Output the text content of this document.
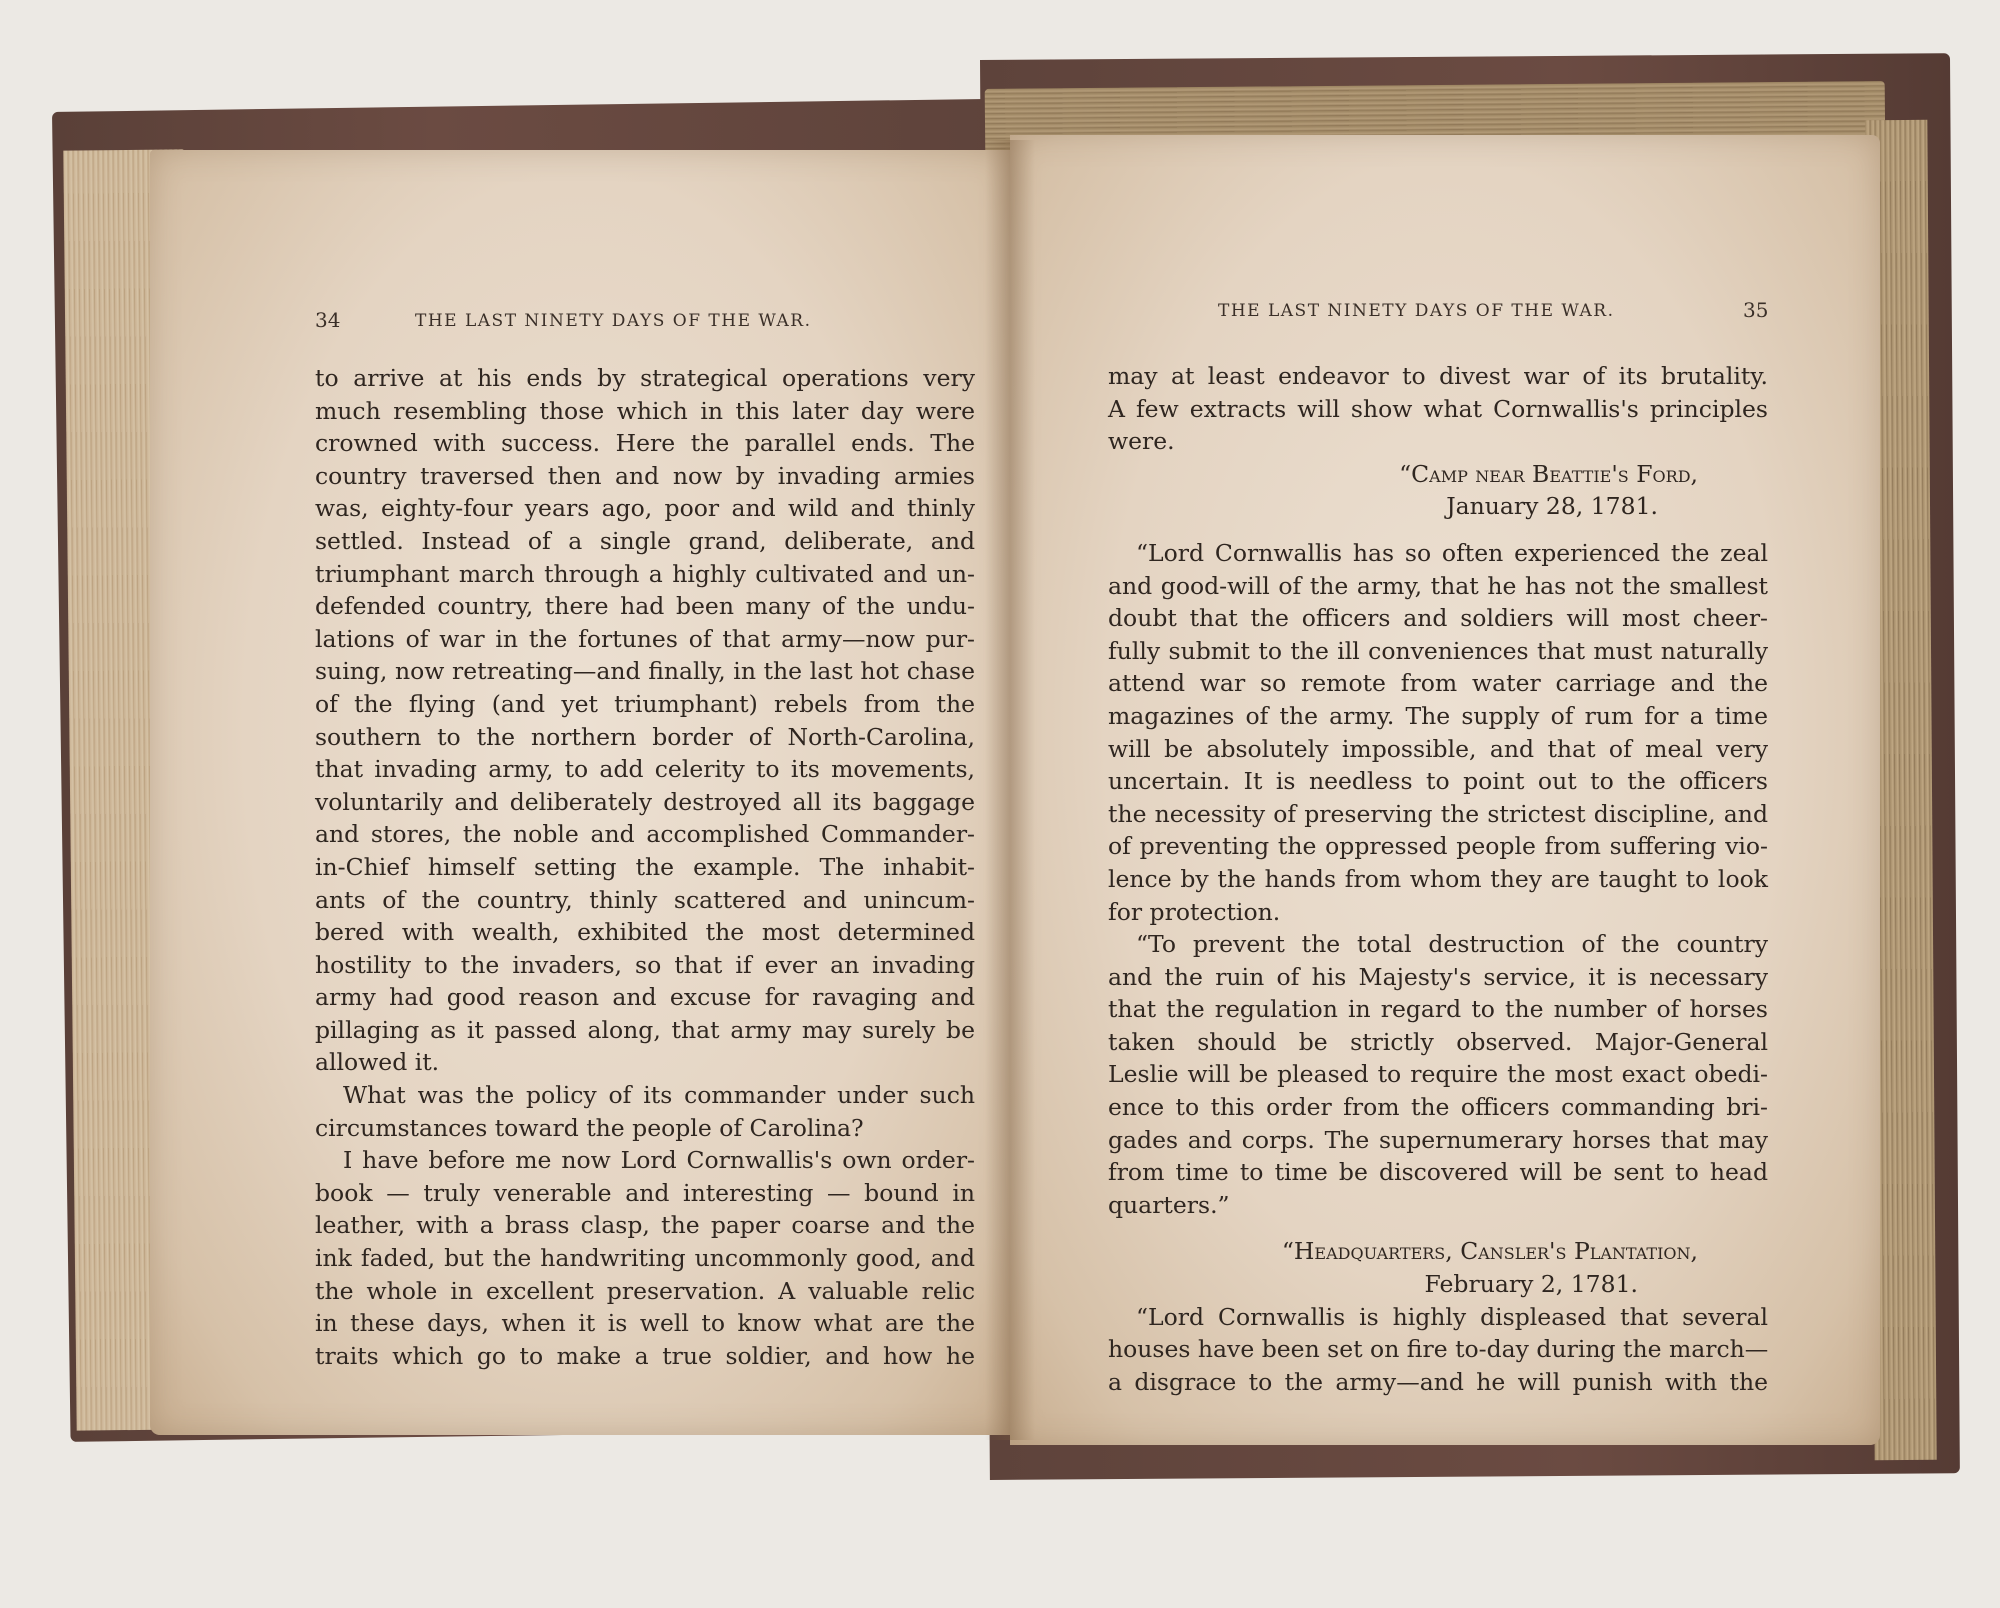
34	THE LAST NINETY DAYS OF THE WAR.
to arrive at his ends by strategical operations very
much resembling those which in this later day were
crowned with success. Here the parallel ends. The
country traversed then and now by invading armies
was, eighty-four years ago, poor and wild and thinly
settled. Instead of a single grand, deliberate, and
triumphant march through a highly cultivated and un-
defended country, there had been many of the undu-
lations of war in the fortunes of that army—now pur-
suing, now retreating—and finally, in the last hot chase
of the flying (and yet triumphant) rebels from the
southern to the northern border of North-Carolina,
that invading army, to add celerity to its movements,
voluntarily and deliberately destroyed all its baggage
and stores, the noble and accomplished Commander-
in-Chief himself setting the example. The inhabit-
ants of the country, thinly scattered and unincum-
bered with wealth, exhibited the most determined
hostility to the invaders, so that if ever an invading
army had good reason and excuse for ravaging and
pillaging as it passed along, that army may surely be
allowed it.
What was the policy of its commander under such
circumstances toward the people of Carolina?
I have before me now Lord Cornwallis's own order-
book — truly venerable and interesting — bound in
leather, with a brass clasp, the paper coarse and the
ink faded, but the handwriting uncommonly good, and
the whole in excellent preservation. A valuable relic
in these days, when it is well to know what are the
traits which go to make a true soldier, and how he
THE LAST NINETY DAYS OF THE WAR.	35
may at least endeavor to divest war of its brutality.
A few extracts will show what Cornwallis's principles
were.
“Camp near Beattie's Ford,
January 28, 1781.
“Lord Cornwallis has so often experienced the zeal
and good-will of the army, that he has not the smallest
doubt that the officers and soldiers will most cheer-
fully submit to the ill conveniences that must naturally
attend war so remote from water carriage and the
magazines of the army. The supply of rum for a time
will be absolutely impossible, and that of meal very
uncertain. It is needless to point out to the officers
the necessity of preserving the strictest discipline, and
of preventing the oppressed people from suffering vio-
lence by the hands from whom they are taught to look
for protection.
“To prevent the total destruction of the country
and the ruin of his Majesty's service, it is necessary
that the regulation in regard to the number of horses
taken should be strictly observed. Major-General
Leslie will be pleased to require the most exact obedi-
ence to this order from the officers commanding bri-
gades and corps. The supernumerary horses that may
from time to time be discovered will be sent to head
quarters.”
“Headquarters, Cansler's Plantation,
February 2, 1781.
“Lord Cornwallis is highly displeased that several
houses have been set on fire to-day during the march—
a disgrace to the army—and he will punish with the
